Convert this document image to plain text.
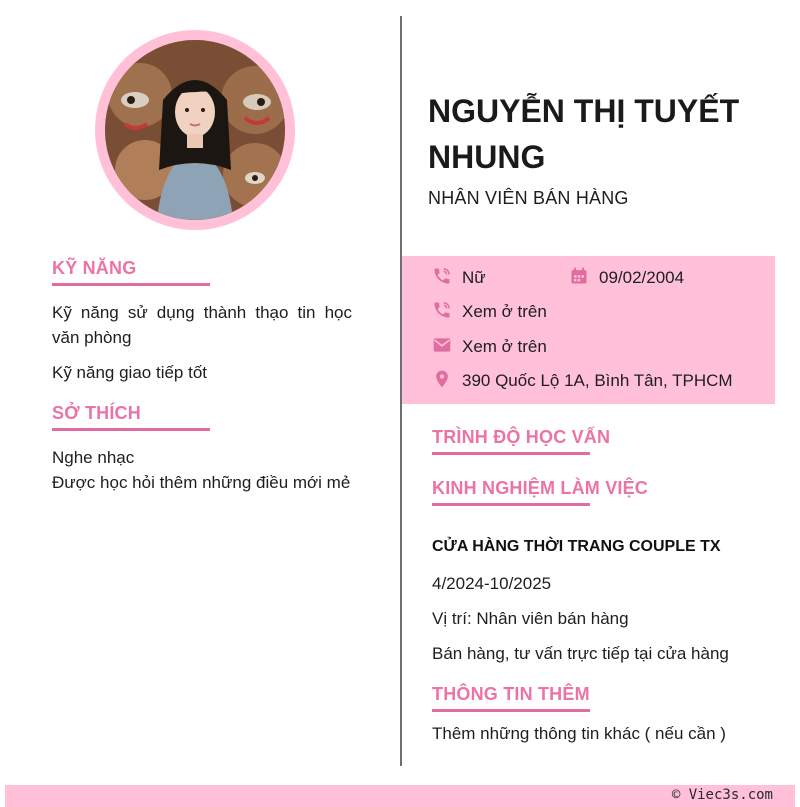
KỸ NĂNG
Kỹ năng sử dụng thành thạo tin học văn phòng
Kỹ năng giao tiếp tốt
SỞ THÍCH
Nghe nhạc
Được học hỏi thêm những điều mới mẻ
NGUYỄN THỊ TUYẾT NHUNG
NHÂN VIÊN BÁN HÀNG
Nữ	09/02/2004
Xem ở trên
Xem ở trên
390 Quốc Lộ 1A, Bình Tân, TPHCM
TRÌNH ĐỘ HỌC VẤN
KINH NGHIỆM LÀM VIỆC
CỬA HÀNG THỜI TRANG COUPLE TX
4/2024-10/2025
Vị trí: Nhân viên bán hàng
Bán hàng, tư vấn trực tiếp tại cửa hàng
THÔNG TIN THÊM
Thêm những thông tin khác ( nếu cần )
© Viec3s.com
